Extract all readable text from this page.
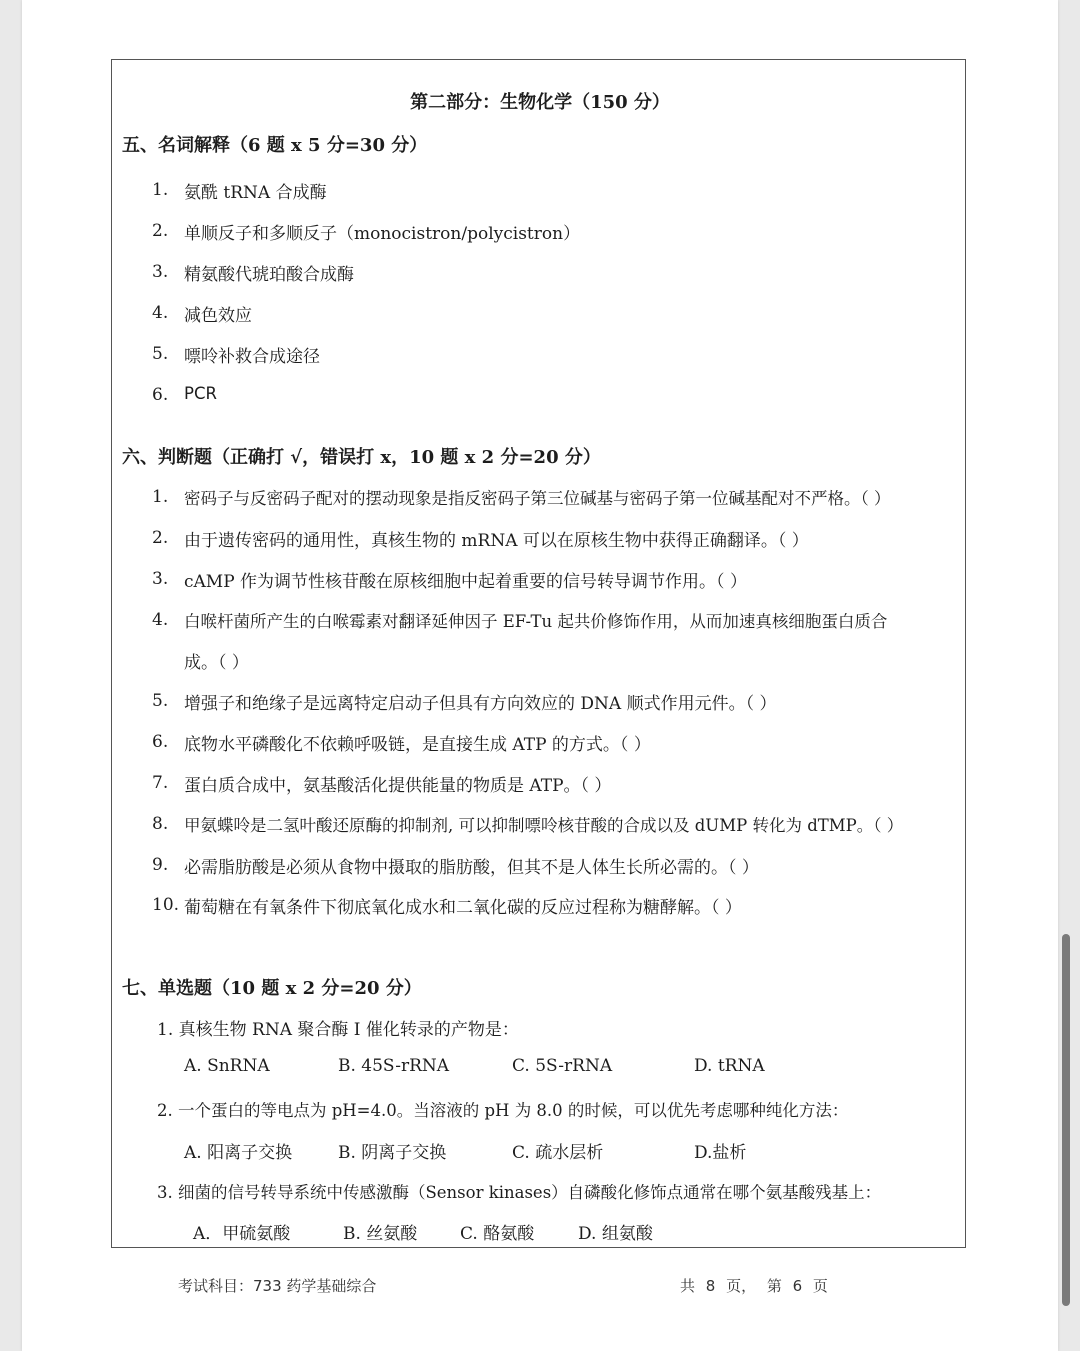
第二部分：生物化学（150 分）
五、名词解释（6 题 x 5 分=30 分）
1. 氨酰 tRNA 合成酶
2. 单顺反子和多顺反子（monocistron/polycistron）
3. 精氨酸代琥珀酸合成酶
4. 减色效应
5. 嘌呤补救合成途径
6. PCR
六、判断题（正确打 √，错误打 x，10 题 x 2 分=20 分）
1. 密码子与反密码子配对的摆动现象是指反密码子第三位碱基与密码子第一位碱基配对不严格。（ ）
2. 由于遗传密码的通用性，真核生物的 mRNA 可以在原核生物中获得正确翻译。（ ）
3. cAMP 作为调节性核苷酸在原核细胞中起着重要的信号转导调节作用。（ ）
4. 白喉杆菌所产生的白喉霉素对翻译延伸因子 EF-Tu 起共价修饰作用，从而加速真核细胞蛋白质合
成。（ ）
5. 增强子和绝缘子是远离特定启动子但具有方向效应的 DNA 顺式作用元件。（ ）
6. 底物水平磷酸化不依赖呼吸链，是直接生成 ATP 的方式。（ ）
7. 蛋白质合成中，氨基酸活化提供能量的物质是 ATP。（ ）
8. 甲氨蝶呤是二氢叶酸还原酶的抑制剂, 可以抑制嘌呤核苷酸的合成以及 dUMP 转化为 dTMP。（ ）
9. 必需脂肪酸是必须从食物中摄取的脂肪酸，但其不是人体生长所必需的。（ ）
10. 葡萄糖在有氧条件下彻底氧化成水和二氧化碳的反应过程称为糖酵解。（ ）
七、单选题（10 题 x 2 分=20 分）
1. 真核生物 RNA 聚合酶 I 催化转录的产物是：
A. SnRNA	B. 45S-rRNA	C. 5S-rRNA	D. tRNA
2. 一个蛋白的等电点为 pH=4.0。当溶液的 pH 为 8.0 的时候，可以优先考虑哪种纯化方法：
A. 阳离子交换	B. 阴离子交换	C. 疏水层析	D.盐析
3. 细菌的信号转导系统中传感激酶（Sensor kinases）自磷酸化修饰点通常在哪个氨基酸残基上：
A．甲硫氨酸	B. 丝氨酸	C. 酪氨酸	D. 组氨酸
考试科目：733 药学基础综合	共 8 页， 第 6 页
